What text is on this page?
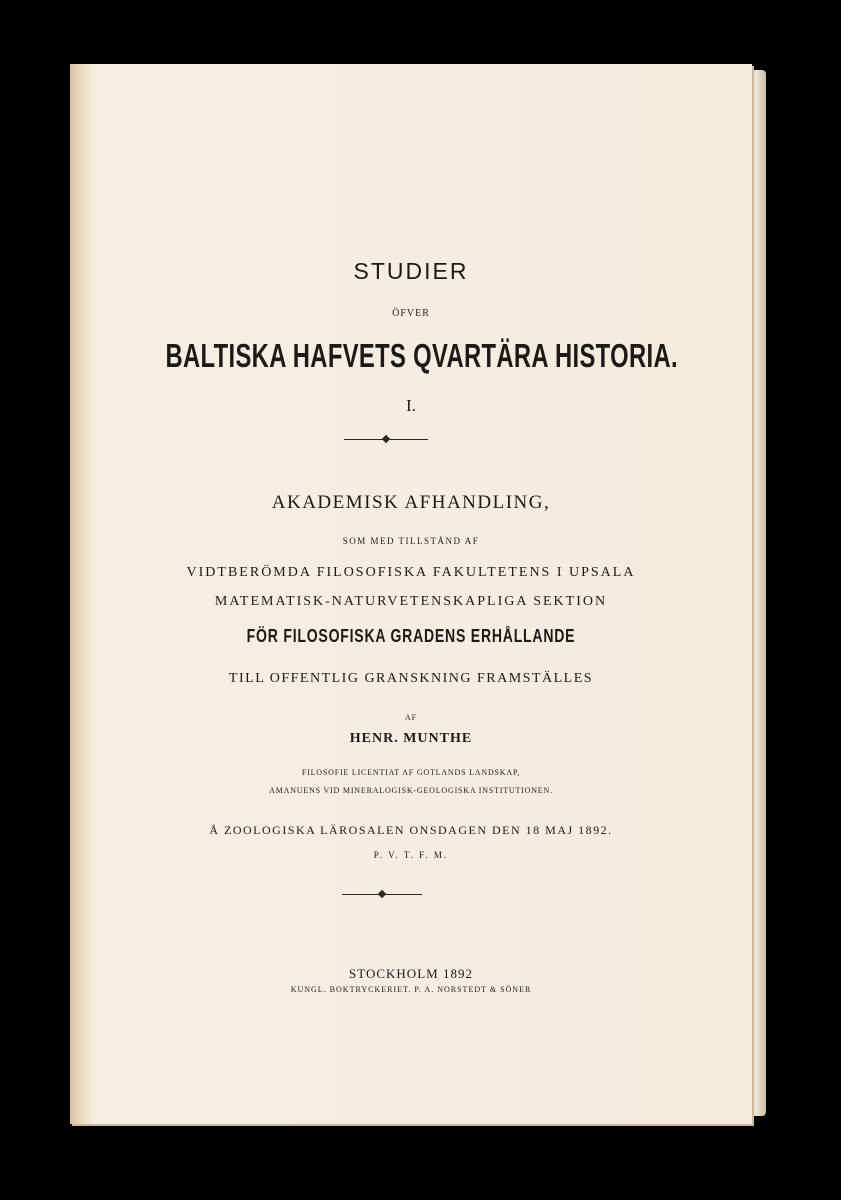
STUDIER

ÖFVER

BALTISKA HAFVETS QVARTÄRA HISTORIA.

I.

AKADEMISK AFHANDLING,

SOM MED TILLSTÅND AF

VIDTBERÖMDA FILOSOFISKA FAKULTETENS I UPSALA

MATEMATISK-NATURVETENSKAPLIGA SEKTION

FÖR FILOSOFISKA GRADENS ERHÅLLANDE

TILL OFFENTLIG GRANSKNING FRAMSTÄLLES

AF

HENR. MUNTHE

FILOSOFIE LICENTIAT AF GOTLANDS LANDSKAP,

AMANUENS VID MINERALOGISK-GEOLOGISKA INSTITUTIONEN.

Å ZOOLOGISKA LÄROSALEN ONSDAGEN DEN 18 MAJ 1892.

P. V. T. F. M.

STOCKHOLM 1892

KUNGL. BOKTRYCKERIET. P. A. NORSTEDT & SÖNER
